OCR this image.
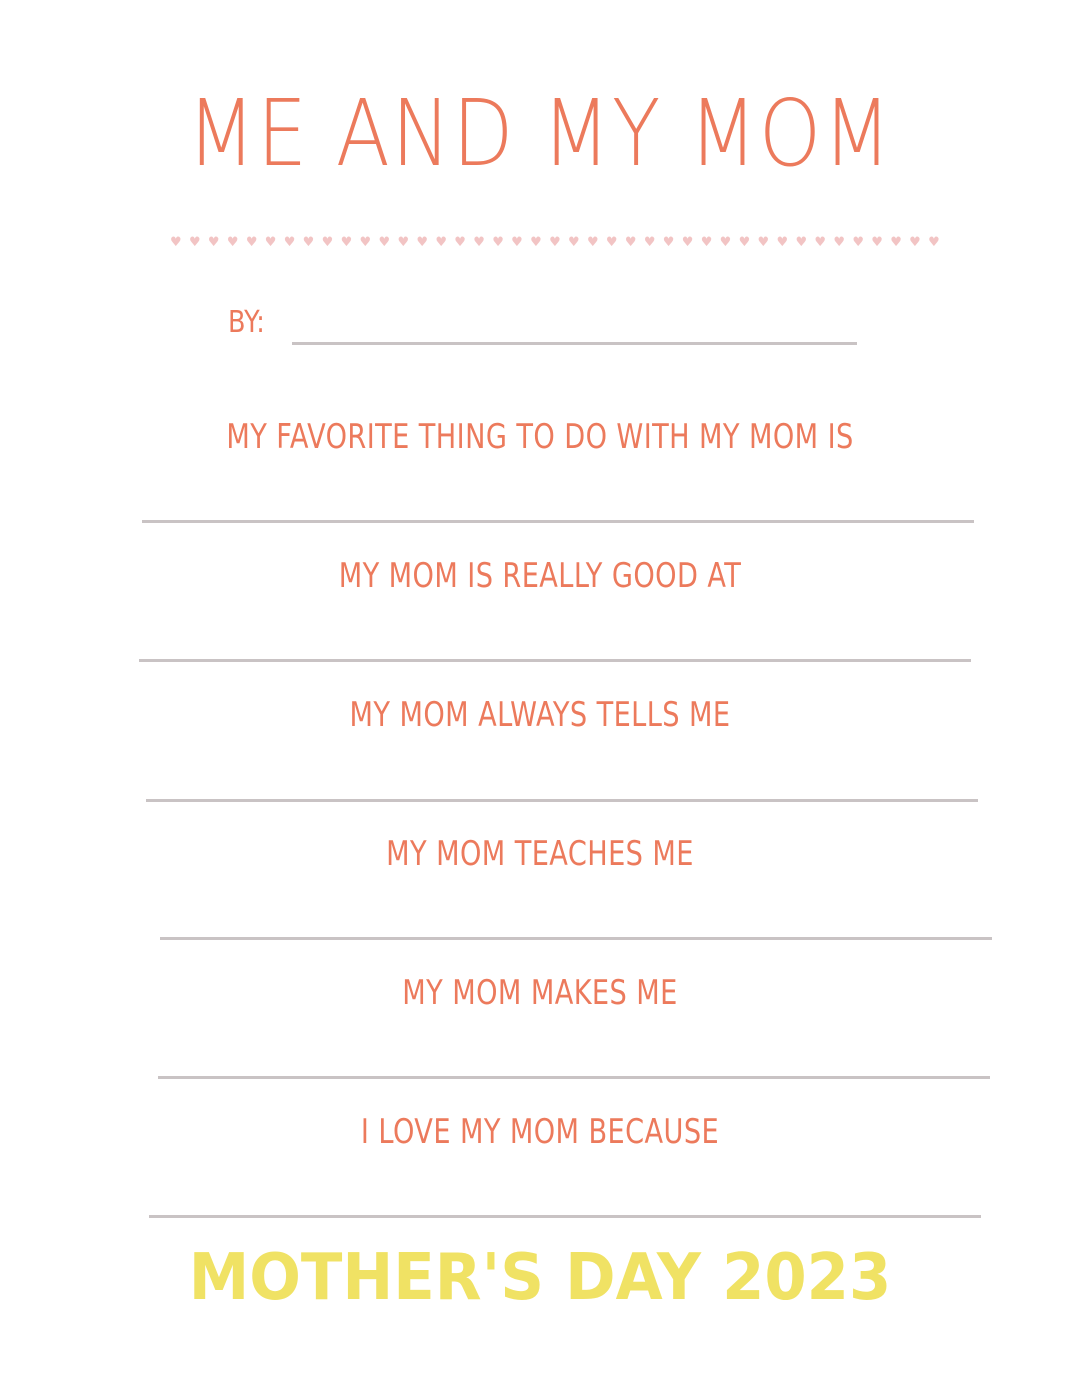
ME AND MY MOM
♥ ♥ ♥ ♥ ♥ ♥ ♥ ♥ ♥ ♥ ♥ ♥ ♥ ♥ ♥ ♥ ♥ ♥ ♥ ♥ ♥ ♥ ♥ ♥ ♥ ♥ ♥ ♥ ♥ ♥ ♥ ♥ ♥ ♥ ♥ ♥ ♥ ♥ ♥ ♥ ♥
BY:
MY FAVORITE THING TO DO WITH MY MOM IS
MY MOM IS REALLY GOOD AT
MY MOM ALWAYS TELLS ME
MY MOM TEACHES ME
MY MOM MAKES ME
I LOVE MY MOM BECAUSE
MOTHER'S DAY 2023
